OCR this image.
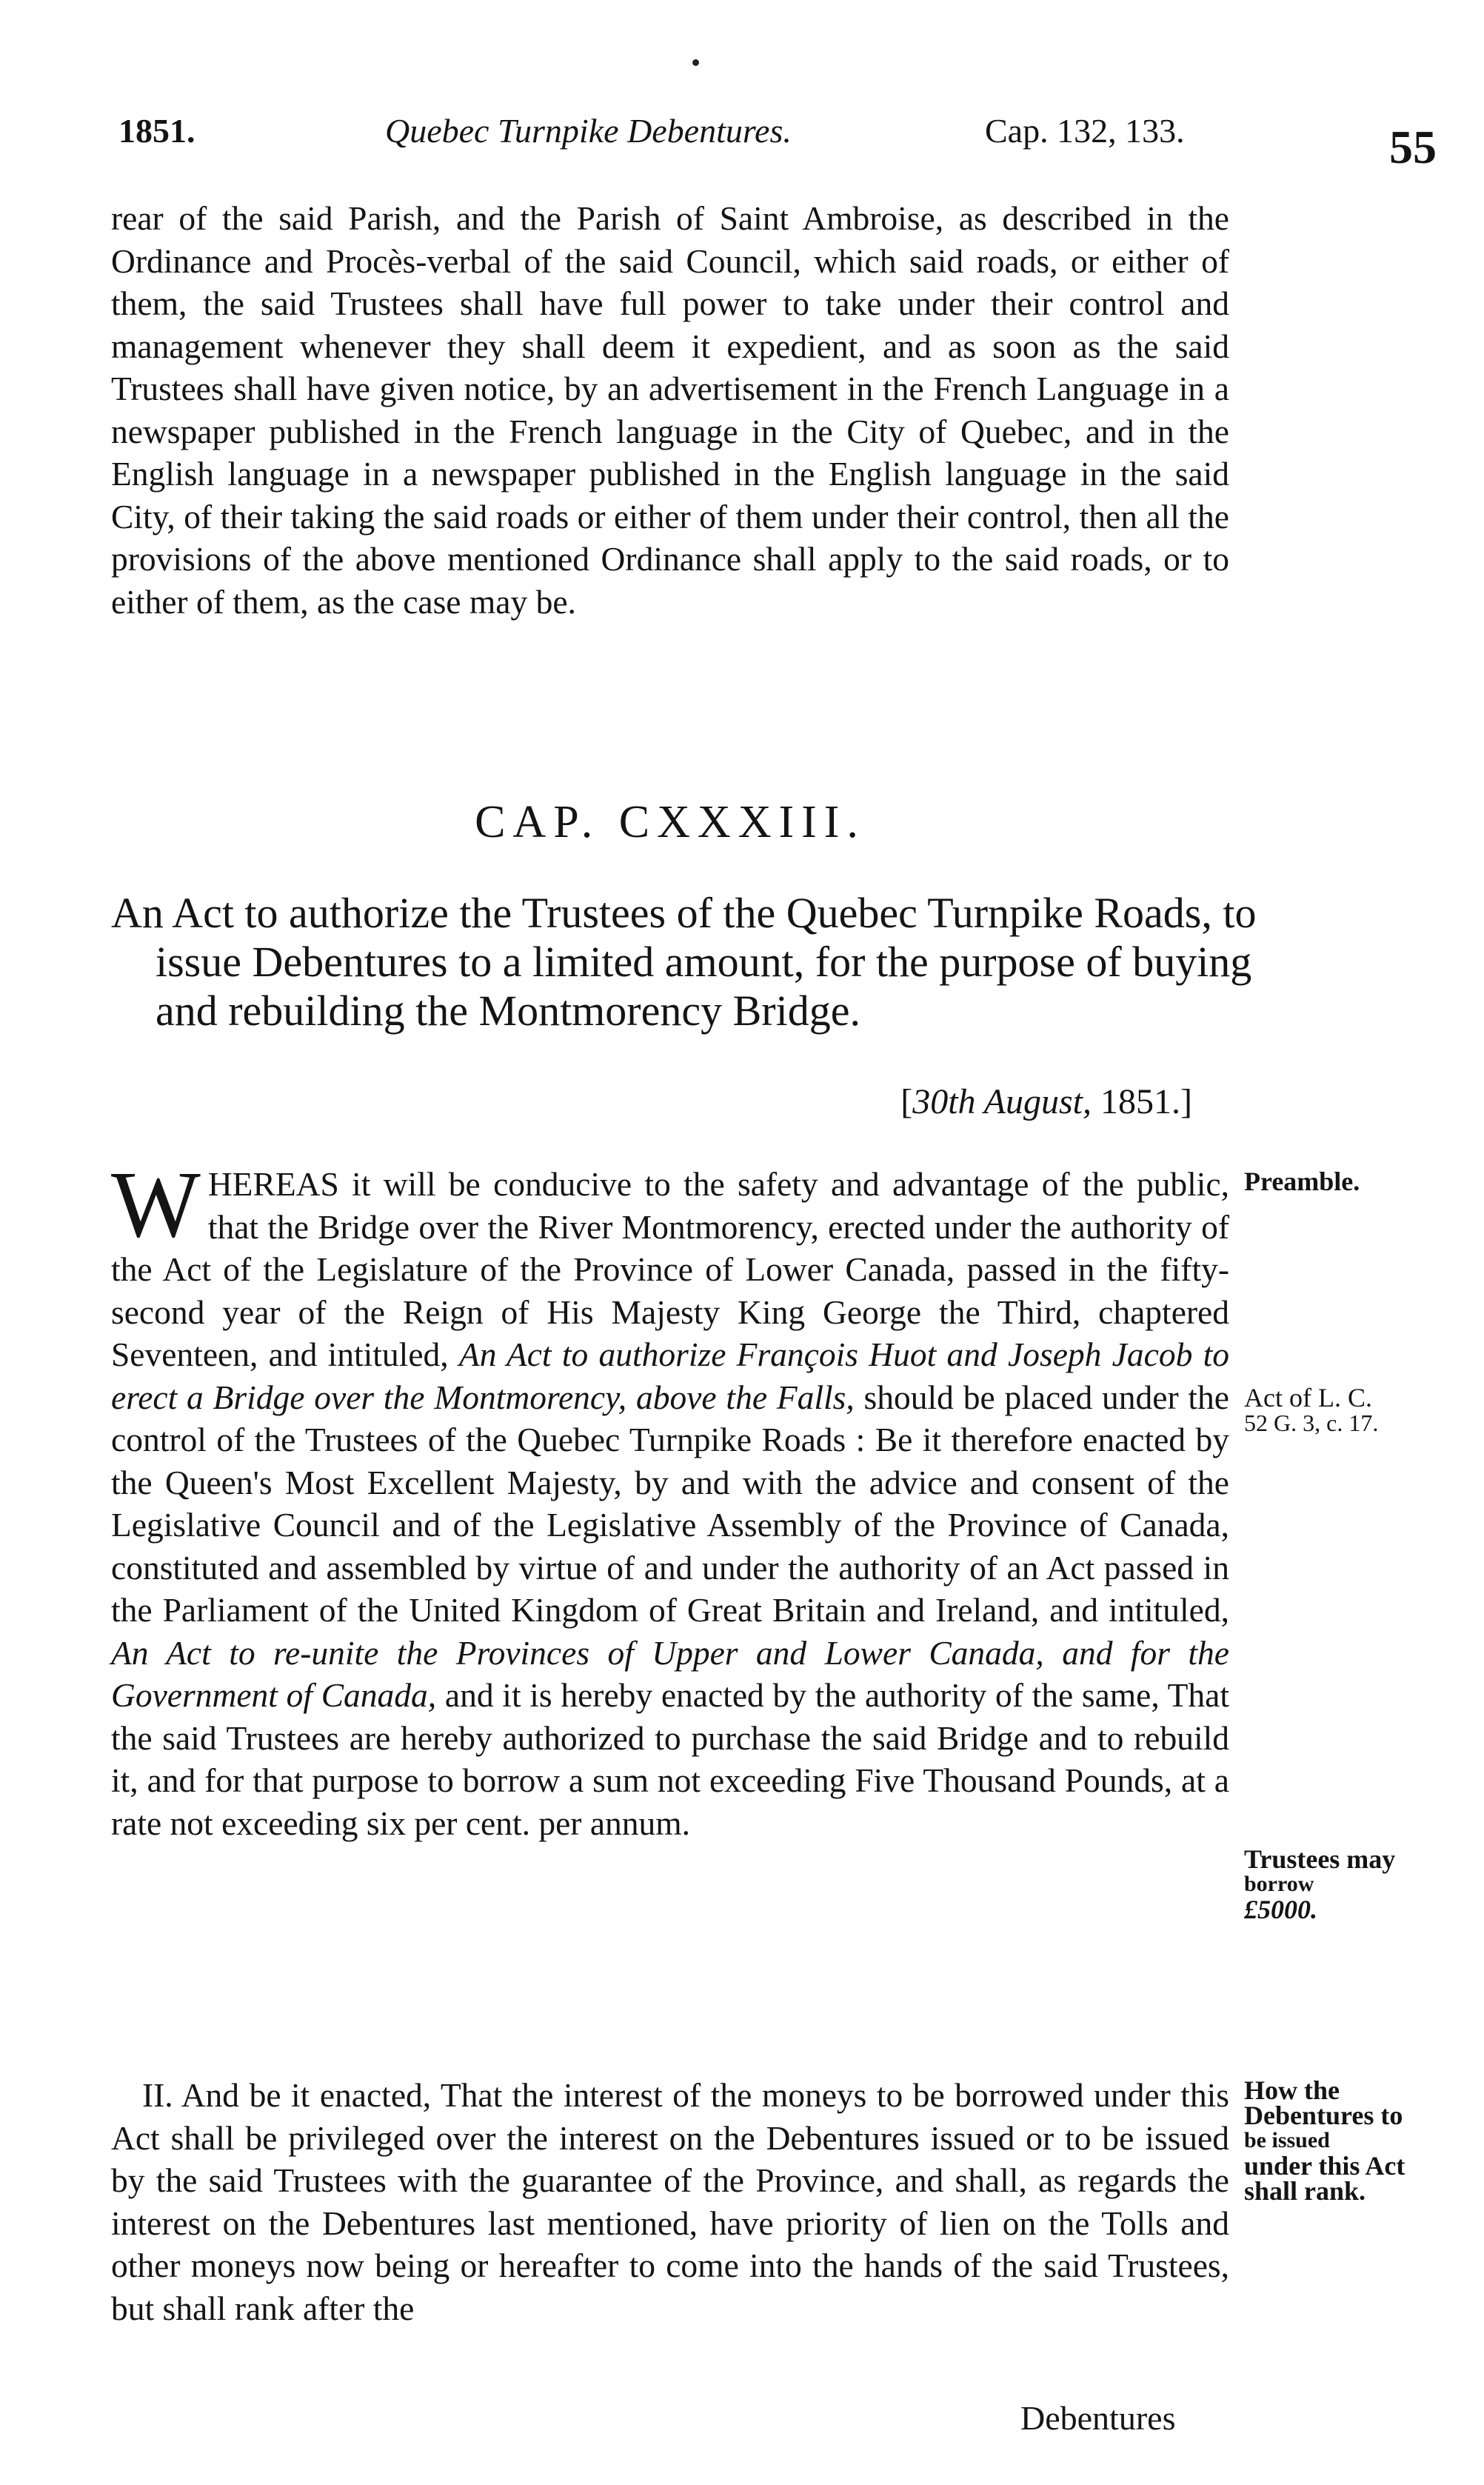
1851.	Quebec Turnpike Debentures.	Cap. 132, 133.	55

rear of the said Parish, and the Parish of Saint Ambroise, as described in the Ordinance and Procès-verbal of the said Council, which said roads, or either of them, the said Trustees shall have full power to take under their control and management whenever they shall deem it expedient, and as soon as the said Trustees shall have given notice, by an advertisement in the French Language in a newspaper published in the French language in the City of Quebec, and in the English language in a newspaper published in the English language in the said City, of their taking the said roads or either of them under their control, then all the provisions of the above mentioned Ordinance shall apply to the said roads, or to either of them, as the case may be.

CAP. CXXXIII.
An Act to authorize the Trustees of the Quebec Turnpike Roads, to issue Debentures to a limited amount, for the purpose of buying and rebuilding the Montmorency Bridge.
[30th August, 1851.]

WHEREAS it will be conducive to the safety and advantage of the public, that the Bridge over the River Montmorency, erected under the authority of the Act of the Legislature of the Province of Lower Canada, passed in the fifty-second year of the Reign of His Majesty King George the Third, chaptered Seventeen, and intituled, An Act to authorize François Huot and Joseph Jacob to erect a Bridge over the Montmorency, above the Falls, should be placed under the control of the Trustees of the Quebec Turnpike Roads : Be it therefore enacted by the Queen's Most Excellent Majesty, by and with the advice and consent of the Legislative Council and of the Legislative Assembly of the Province of Canada, constituted and assembled by virtue of and under the authority of an Act passed in the Parliament of the United Kingdom of Great Britain and Ireland, and intituled, An Act to re-unite the Provinces of Upper and Lower Canada, and for the Government of Canada, and it is hereby enacted by the authority of the same, That the said Trustees are hereby authorized to purchase the said Bridge and to rebuild it, and for that purpose to borrow a sum not exceeding Five Thousand Pounds, at a rate not exceeding six per cent. per annum.

II. And be it enacted, That the interest of the moneys to be borrowed under this Act shall be privileged over the interest on the Debentures issued or to be issued by the said Trustees with the guarantee of the Province, and shall, as regards the interest on the Debentures last mentioned, have priority of lien on the Tolls and other moneys now being or hereafter to come into the hands of the said Trustees, but shall rank after the

Preamble.
Act of L. C.
52 G. 3, c. 17.
Trustees may
borrow
£5000.
How the
Debentures to
be issued
under this Act
shall rank.
Debentures
